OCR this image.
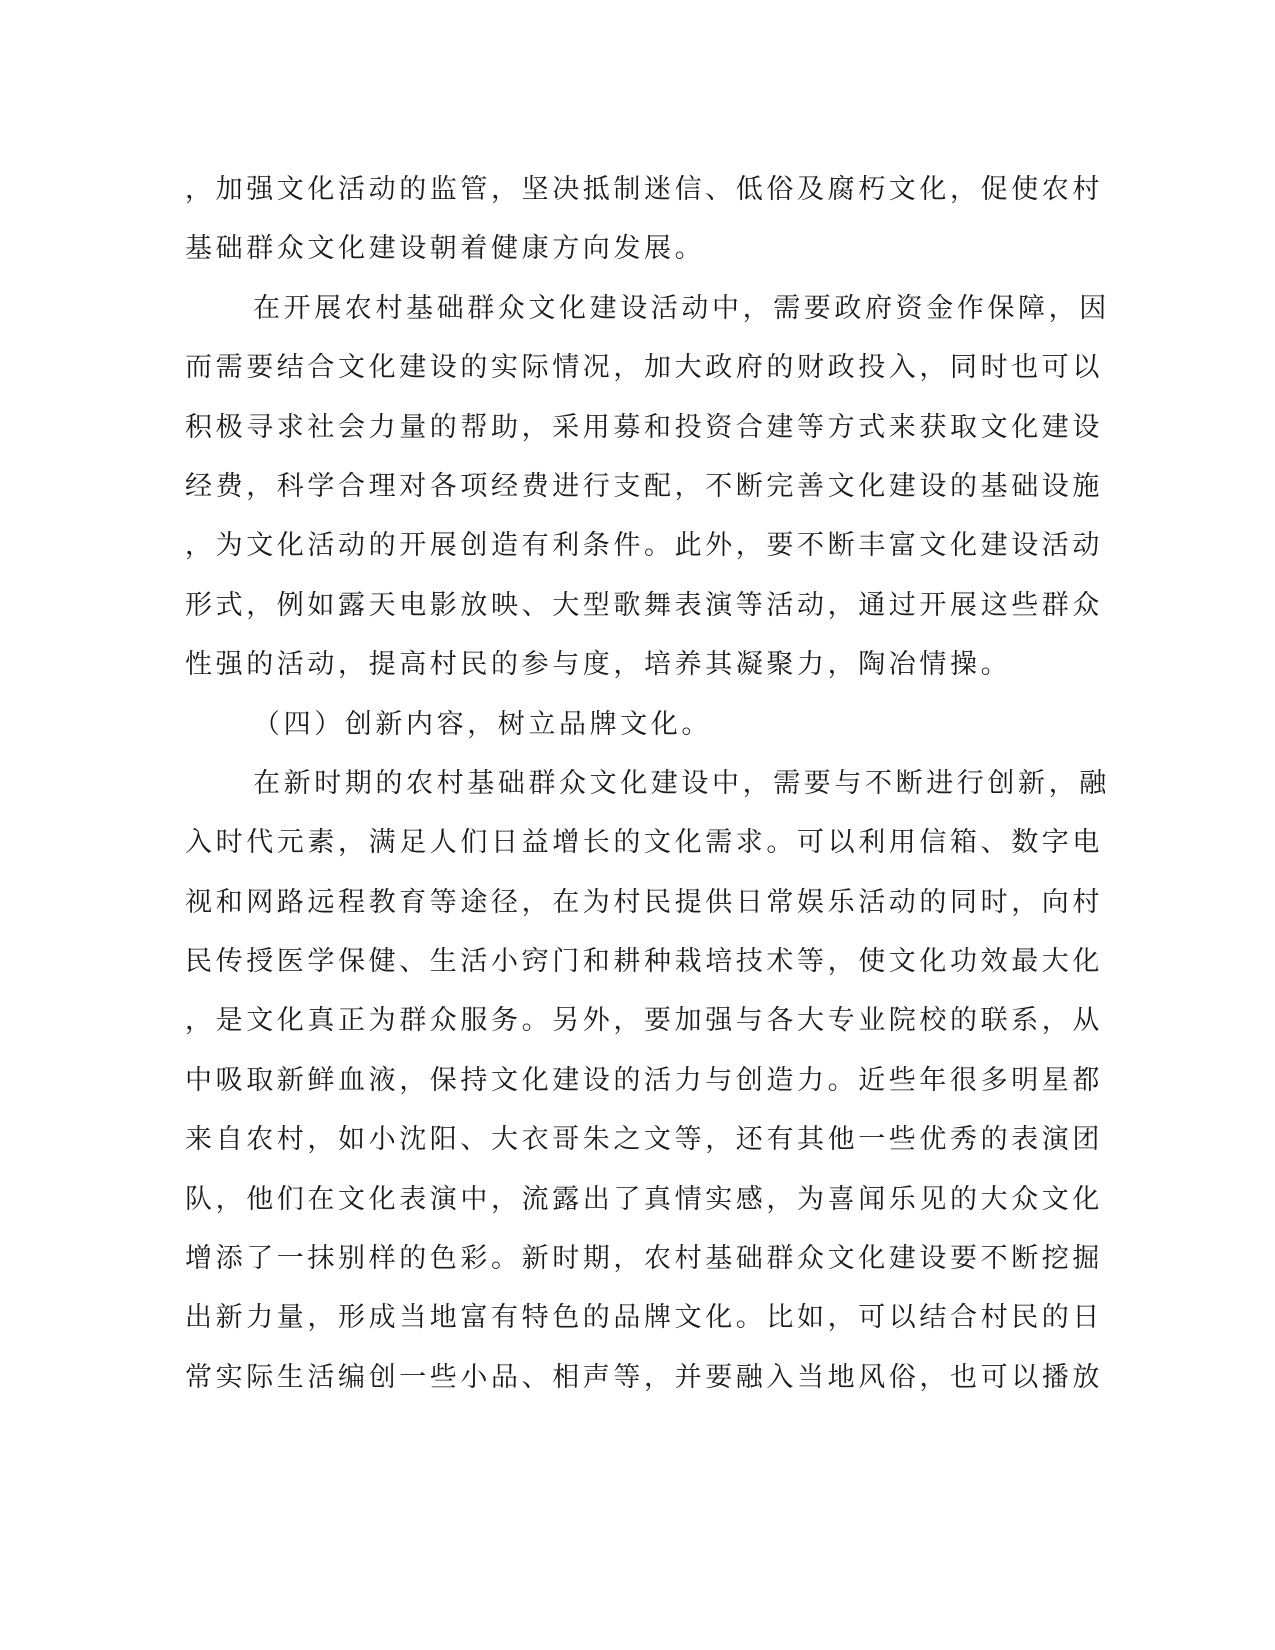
，加强文化活动的监管，坚决抵制迷信、低俗及腐朽文化，促使农村
基础群众文化建设朝着健康方向发展。
在开展农村基础群众文化建设活动中，需要政府资金作保障，因
而需要结合文化建设的实际情况，加大政府的财政投入，同时也可以
积极寻求社会力量的帮助，采用募和投资合建等方式来获取文化建设
经费，科学合理对各项经费进行支配，不断完善文化建设的基础设施
，为文化活动的开展创造有利条件。此外，要不断丰富文化建设活动
形式，例如露天电影放映、大型歌舞表演等活动，通过开展这些群众
性强的活动，提高村民的参与度，培养其凝聚力，陶冶情操。
（四）创新内容，树立品牌文化。
在新时期的农村基础群众文化建设中，需要与不断进行创新，融
入时代元素，满足人们日益增长的文化需求。可以利用信箱、数字电
视和网路远程教育等途径，在为村民提供日常娱乐活动的同时，向村
民传授医学保健、生活小窍门和耕种栽培技术等，使文化功效最大化
，是文化真正为群众服务。另外，要加强与各大专业院校的联系，从
中吸取新鲜血液，保持文化建设的活力与创造力。近些年很多明星都
来自农村，如小沈阳、大衣哥朱之文等，还有其他一些优秀的表演团
队，他们在文化表演中，流露出了真情实感，为喜闻乐见的大众文化
增添了一抹别样的色彩。新时期，农村基础群众文化建设要不断挖掘
出新力量，形成当地富有特色的品牌文化。比如，可以结合村民的日
常实际生活编创一些小品、相声等，并要融入当地风俗，也可以播放
